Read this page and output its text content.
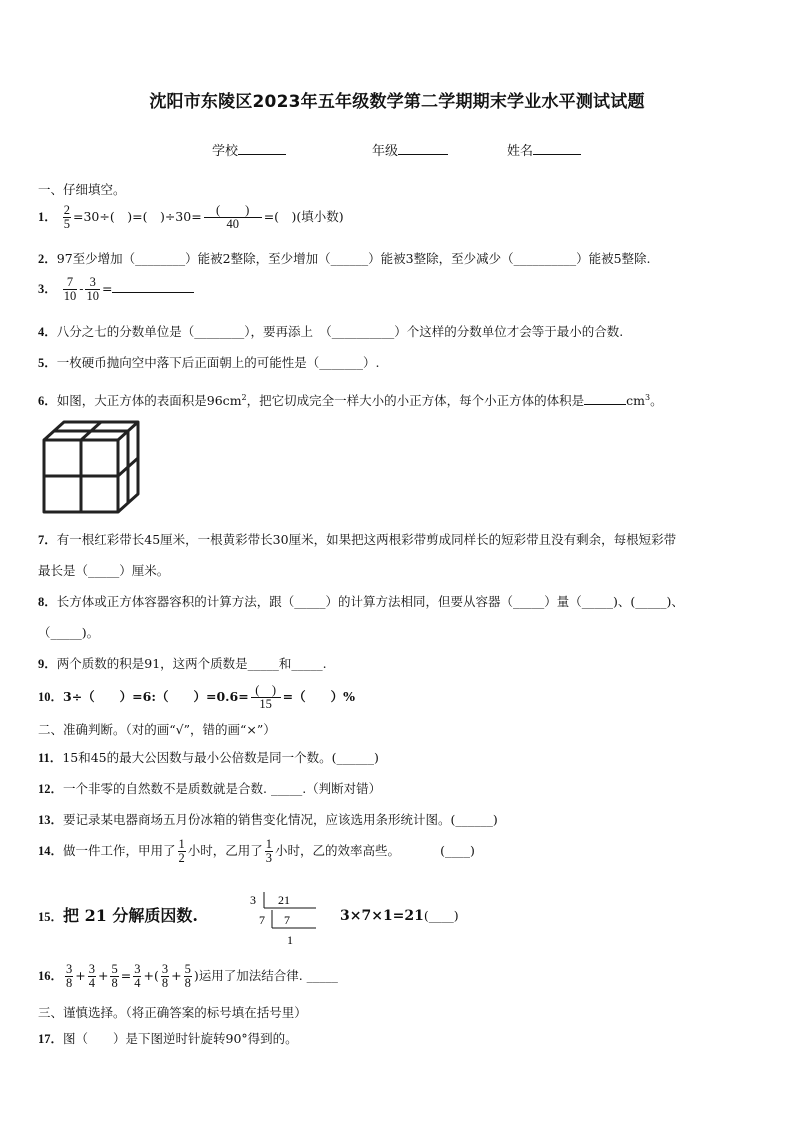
沈阳市东陵区2023年五年级数学第二学期期末学业水平测试试题
学校	年级	姓名
一、仔细填空。
1． $\frac{2}{5} =30\div$(　)=(　)$\div 30= \frac{( )}{40}$ =(　)(填小数)
2．97至少增加（________）能被2整除，至少增加（______）能被3整除，至少减少（__________）能被5整除.
3． $\frac{7}{10} - \frac{3}{10}$ =
4．八分之七的分数单位是（________），要再添上　（__________）个这样的分数单位才会等于最小的合数.
5．一枚硬币抛向空中落下后正面朝上的可能性是（_______）.
6．如图，大正方体的表面积是$96cm^2$，把它切成完全一样大小的小正方体，每个小正方体的体积是	$cm^3$。
7．有一根红彩带长45厘米，一根黄彩带长30厘米，如果把这两根彩带剪成同样长的短彩带且没有剩余，每根短彩带
最长是（_____）厘米。
8．长方体或正方体容器容积的计算方法，跟（_____）的计算方法相同，但要从容器（_____）量（_____)、(_____)、
（_____)。
9．两个质数的积是91，这两个质数是_____和_____.
10．3÷（　　）=6:（　　）$=0.6= \frac{( )}{15}$ =（　　）%
二、准确判断。（对的画“√”，错的画“×”）
11．15和45的最大公因数与最小公倍数是同一个数。(______)
12．一个非零的自然数不是质数就是合数. _____.（判断对错）
13．要记录某电器商场五月份冰箱的销售变化情况，应该选用条形统计图。(______)
14．做一件工作，甲用了 $\frac{1}{2}$ 小时，乙用了 $\frac{1}{3}$ 小时，乙的效率高些。	(____)
15．把 21 分解质因数.
3 21
7 7
1
3×7×1=21(____)
16． $\frac{3}{8} + \frac{3}{4} + \frac{5}{8} = \frac{3}{4}$ +( $\frac{3}{8} + \frac{5}{8}$ )运用了加法结合律. _____
三、谨慎选择。（将正确答案的标号填在括号里）
17．图（　　）是下图逆时针旋转90°得到的。
